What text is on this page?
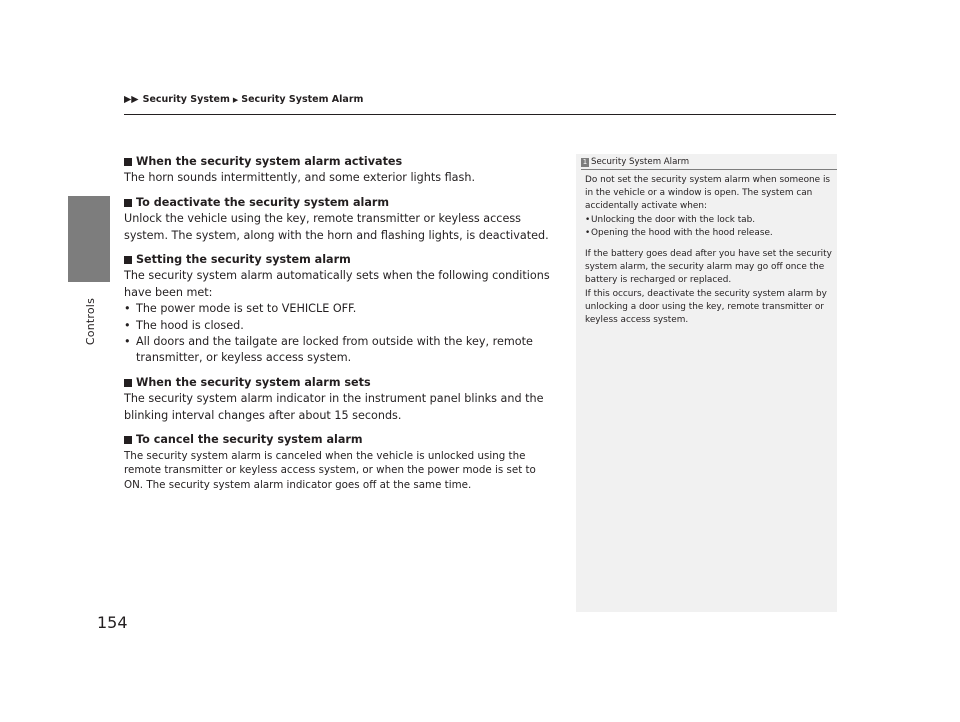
Controls
▶▶ Security System ▶ Security System Alarm
When the security system alarm activates

The horn sounds intermittently, and some exterior lights flash.

To deactivate the security system alarm

Unlock the vehicle using the key, remote transmitter or keyless access system. The system, along with the horn and flashing lights, is deactivated.

Setting the security system alarm

The security system alarm automatically sets when the following conditions have been met:

• The power mode is set to VEHICLE OFF.
• The hood is closed.
• All doors and the tailgate are locked from outside with the key, remote transmitter, or keyless access system.
When the security system alarm sets

The security system alarm indicator in the instrument panel blinks and the blinking interval changes after about 15 seconds.

To cancel the security system alarm

The security system alarm is canceled when the vehicle is unlocked using the remote transmitter or keyless access system, or when the power mode is set to ON. The security system alarm indicator goes off at the same time.

1 Security System Alarm

Do not set the security system alarm when someone is in the vehicle or a window is open. The system can accidentally activate when:

• Unlocking the door with the lock tab.
• Opening the hood with the hood release.

If the battery goes dead after you have set the security system alarm, the security alarm may go off once the battery is recharged or replaced.

If this occurs, deactivate the security system alarm by unlocking a door using the key, remote transmitter or keyless access system.

154
